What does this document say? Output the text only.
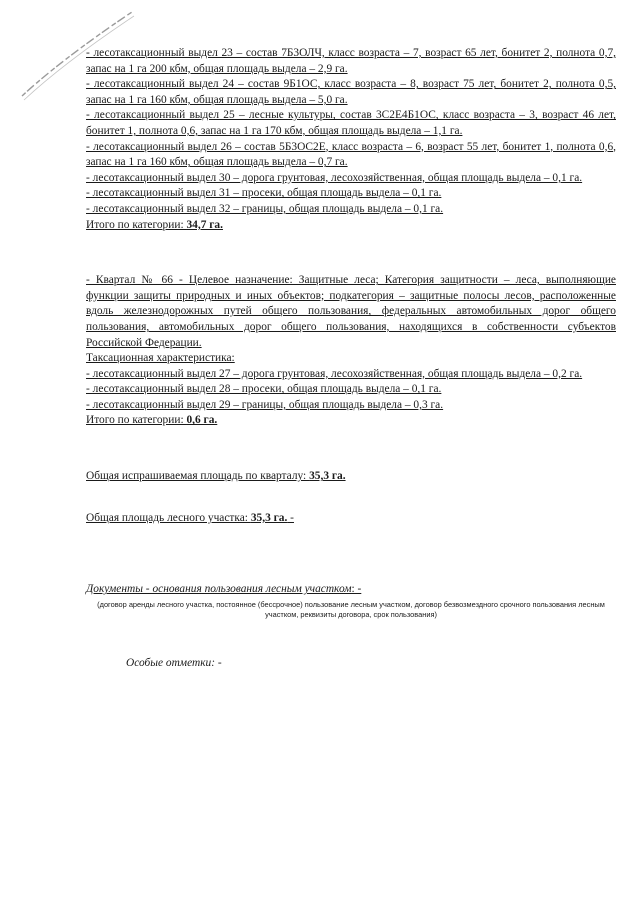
- лесотаксационный выдел 23 – состав 7Б3ОЛЧ, класс возраста – 7, возраст 65 лет, бонитет 2, полнота 0,7, запас на 1 га 200 кбм, общая площадь выдела – 2,9 га.

- лесотаксационный выдел 24 – состав 9Б1ОС, класс возраста – 8, возраст 75 лет, бонитет 2, полнота 0,5, запас на 1 га 160 кбм, общая площадь выдела – 5,0 га.

- лесотаксационный выдел 25 – лесные культуры, состав 3С2Е4Б1ОС, класс возраста – 3, возраст 46 лет, бонитет 1, полнота 0,6, запас на 1 га 170 кбм, общая площадь выдела – 1,1 га.

- лесотаксационный выдел 26 – состав 5Б3ОС2Е, класс возраста – 6, возраст 55 лет, бонитет 1, полнота 0,6, запас на 1 га 160 кбм, общая площадь выдела – 0,7 га.

- лесотаксационный выдел 30 – дорога грунтовая, лесохозяйственная, общая площадь выдела – 0,1 га.

- лесотаксационный выдел 31 – просеки, общая площадь выдела – 0,1 га.

- лесотаксационный выдел 32 – границы, общая площадь выдела – 0,1 га.

Итого по категории: 34,7 га.

- Квартал № 66 - Целевое назначение: Защитные леса; Категория защитности – леса, выполняющие функции защиты природных и иных объектов; подкатегория – защитные полосы лесов, расположенные вдоль железнодорожных путей общего пользования, федеральных автомобильных дорог общего пользования, автомобильных дорог общего пользования, находящихся в собственности субъектов Российской Федерации.

Таксационная характеристика:

- лесотаксационный выдел 27 – дорога грунтовая, лесохозяйственная, общая площадь выдела – 0,2 га.

- лесотаксационный выдел 28 – просеки, общая площадь выдела – 0,1 га.

- лесотаксационный выдел 29 – границы, общая площадь выдела – 0,3 га.

Итого по категории: 0,6 га.

Общая испрашиваемая площадь по кварталу: 35,3 га.

Общая площадь лесного участка: 35,3 га. -

Документы - основания пользования лесным участком: -

(договор аренды лесного участка, постоянное (бессрочное) пользование лесным участком, договор безвозмездного срочного пользования лесным участком, реквизиты договора, срок пользования)

Особые отметки: -
